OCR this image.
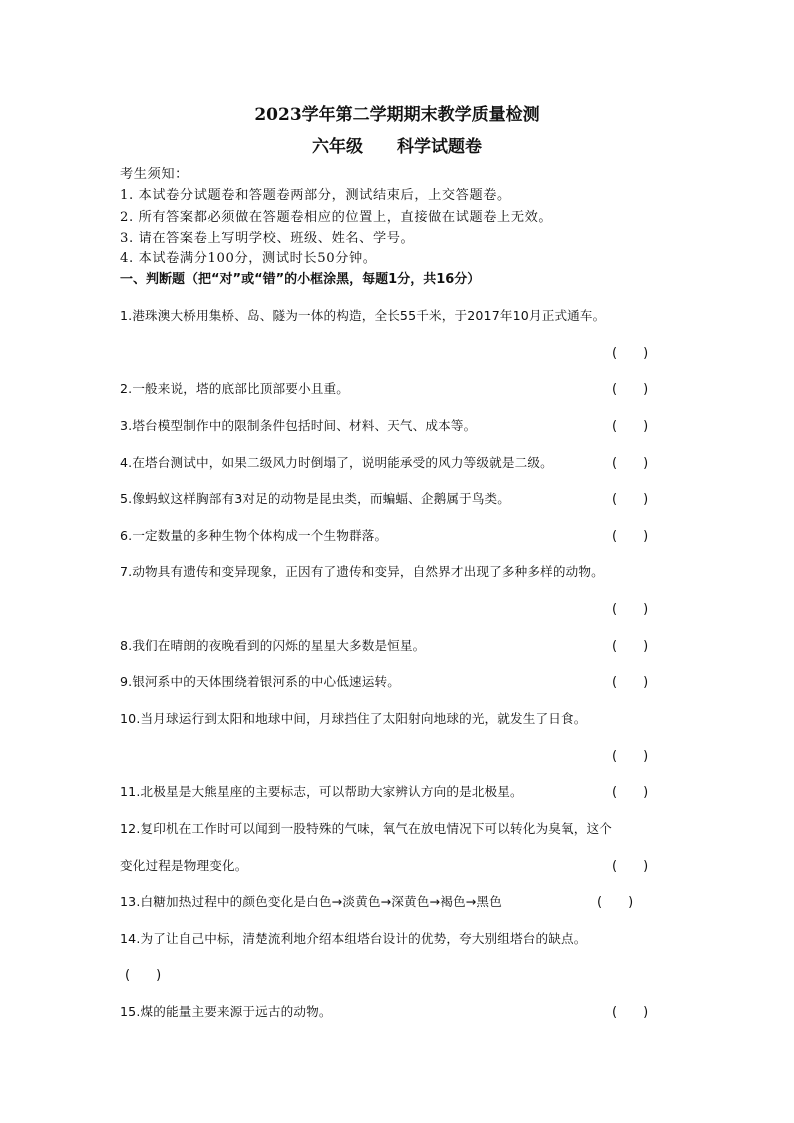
2023学年第二学期期末教学质量检测
六年级　　科学试题卷
考生须知：
1. 本试卷分试题卷和答题卷两部分，测试结束后，上交答题卷。
2. 所有答案都必须做在答题卷相应的位置上，直接做在试题卷上无效。
3. 请在答案卷上写明学校、班级、姓名、学号。
4. 本试卷满分100分，测试时长50分钟。
一、判断题（把“对”或“错”的小框涂黑，每题1分，共16分）
1.港珠澳大桥用集桥、岛、隧为一体的构造，全长55千米，于2017年10月正式通车。
(　　)
2.一般来说，塔的底部比顶部要小且重。	(　　)
3.塔台模型制作中的限制条件包括时间、材料、天气、成本等。	(　　)
4.在塔台测试中，如果二级风力时倒塌了，说明能承受的风力等级就是二级。	(　　)
5.像蚂蚁这样胸部有3对足的动物是昆虫类，而蝙蝠、企鹅属于鸟类。	(　　)
6.一定数量的多种生物个体构成一个生物群落。	(　　)
7.动物具有遗传和变异现象，正因有了遗传和变异，自然界才出现了多种多样的动物。
(　　)
8.我们在晴朗的夜晚看到的闪烁的星星大多数是恒星。	(　　)
9.银河系中的天体围绕着银河系的中心低速运转。	(　　)
10.当月球运行到太阳和地球中间，月球挡住了太阳射向地球的光，就发生了日食。
(　　)
11.北极星是大熊星座的主要标志，可以帮助大家辨认方向的是北极星。	(　　)
12.复印机在工作时可以闻到一股特殊的气味，氧气在放电情况下可以转化为臭氧，这个
变化过程是物理变化。	(　　)
13.白糖加热过程中的颜色变化是白色→淡黄色→深黄色→褐色→黑色	(　　)
14.为了让自己中标，清楚流利地介绍本组塔台设计的优势，夸大别组塔台的缺点。
(　　)
15.煤的能量主要来源于远古的动物。	(　　)
